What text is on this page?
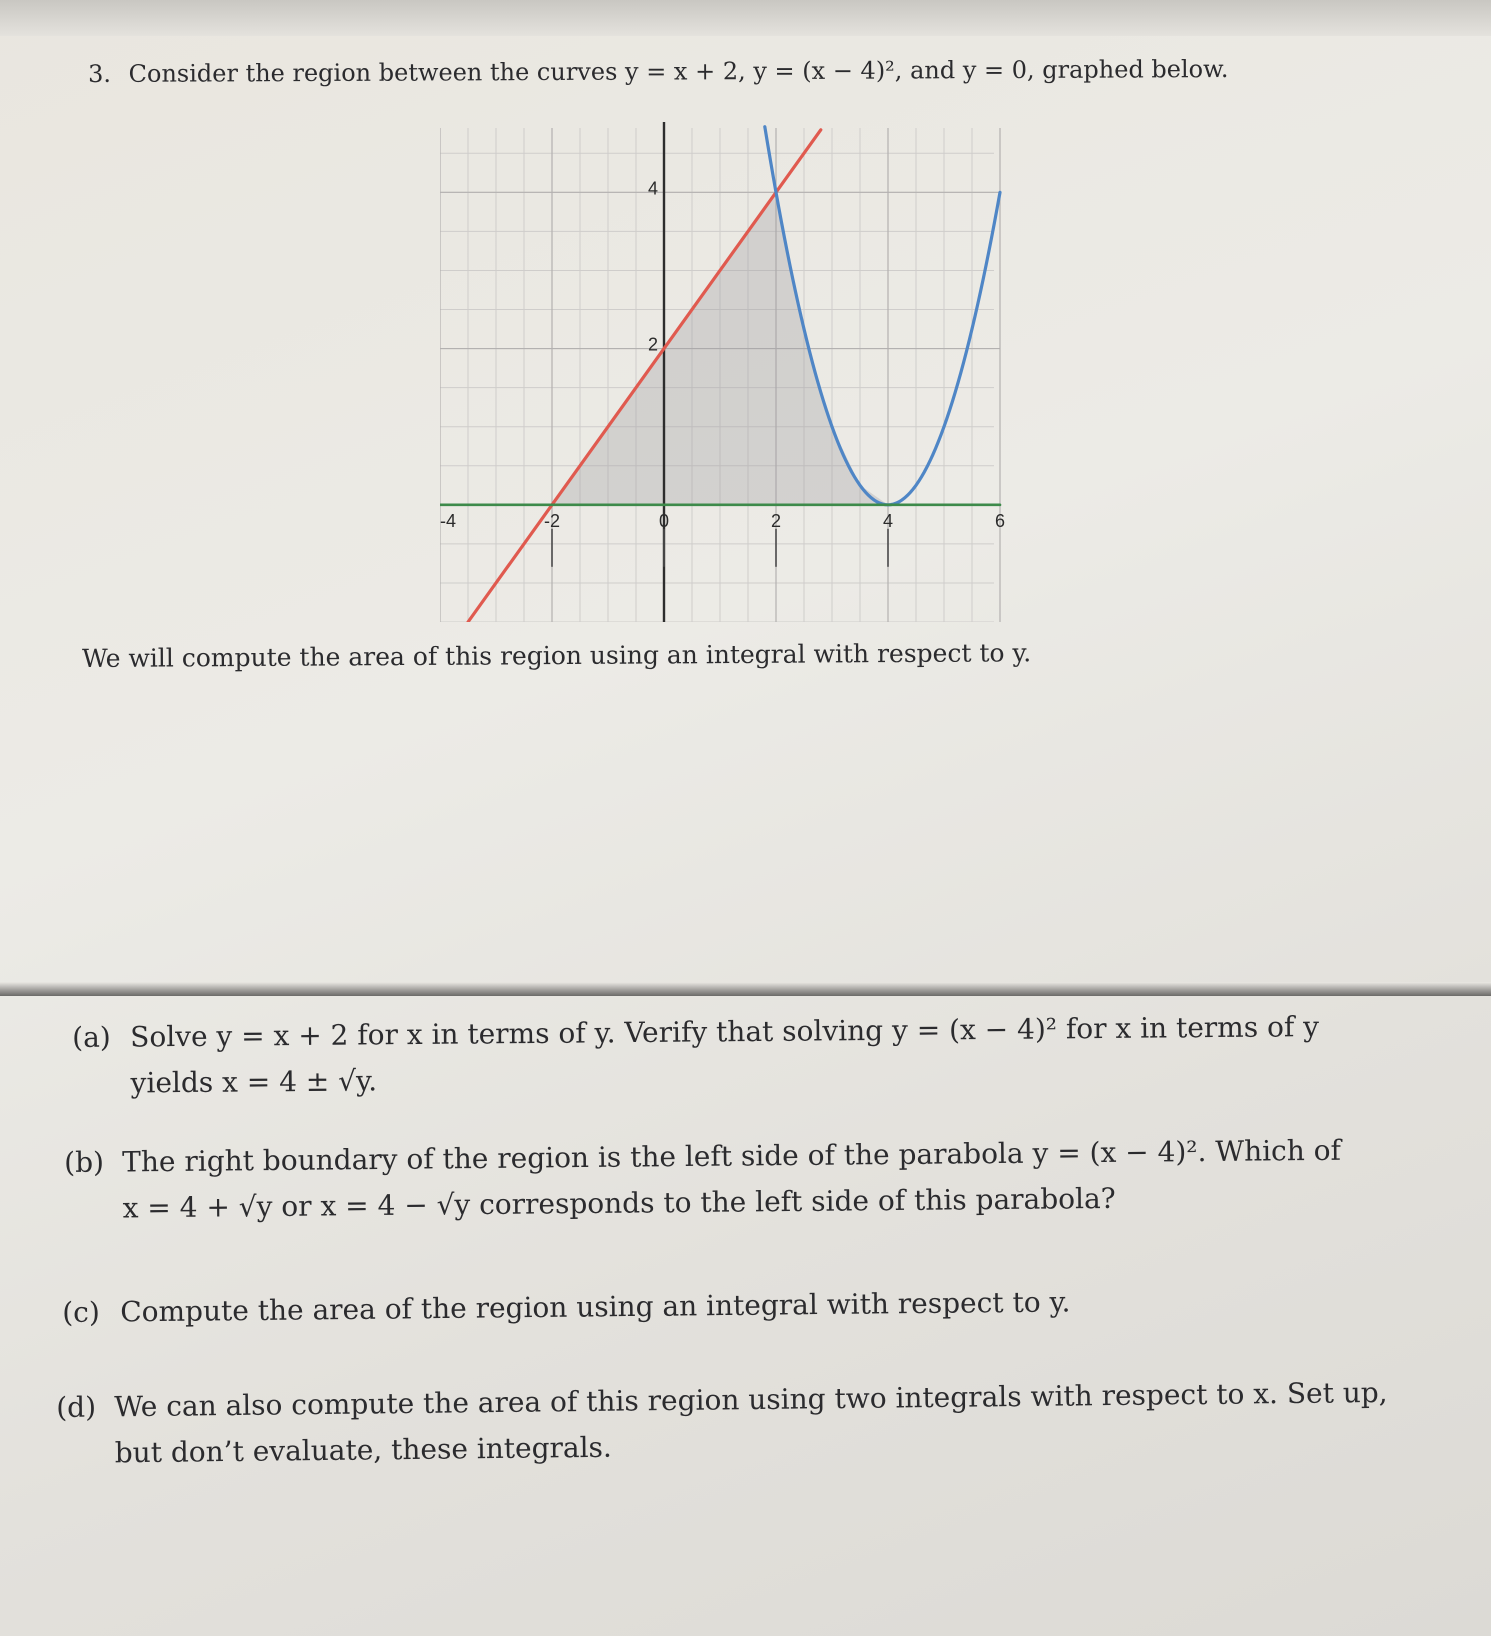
3. Consider the region between the curves y = x + 2, y = (x − 4)², and y = 0, graphed below.
-4	-2	0	2	4	6
2
4
We will compute the area of this region using an integral with respect to y.
(a) Solve y = x + 2 for x in terms of y. Verify that solving y = (x − 4)² for x in terms of y
yields x = 4 ± √y.
(b) The right boundary of the region is the left side of the parabola y = (x − 4)². Which of
x = 4 + √y or x = 4 − √y corresponds to the left side of this parabola?
(c) Compute the area of the region using an integral with respect to y.
(d) We can also compute the area of this region using two integrals with respect to x. Set up,
but don’t evaluate, these integrals.
